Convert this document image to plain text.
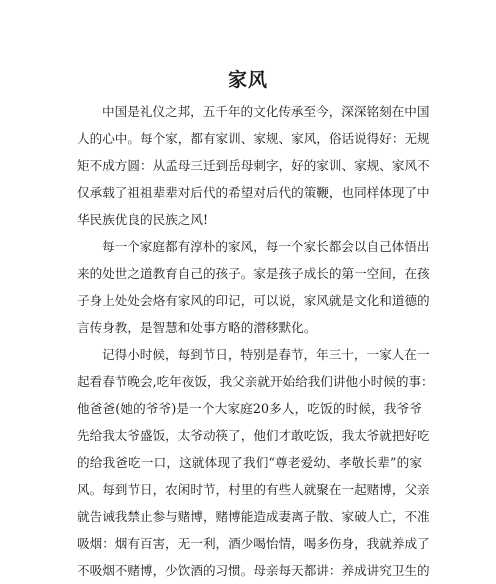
家风
中国是礼仪之邦，五千年的文化传承至今，深深铭刻在中国
人的心中。每个家，都有家训、家规、家风，俗话说得好：无规
矩不成方圆：从孟母三迁到岳母刺字，好的家训、家规、家风不
仅承载了祖祖辈辈对后代的希望对后代的策鞭，也同样体现了中
华民族优良的民族之风!
每一个家庭都有淳朴的家风，每一个家长都会以自己体悟出
来的处世之道教育自己的孩子。家是孩子成长的第一空间，在孩
子身上处处会烙有家风的印记，可以说，家风就是文化和道德的
言传身教，是智慧和处事方略的潜移默化。
记得小时候，每到节日，特别是春节，年三十，一家人在一
起看春节晚会,吃年夜饭，我父亲就开始给我们讲他小时候的事：
他爸爸(她的爷爷)是一个大家庭20多人，吃饭的时候，我爷爷
先给我太爷盛饭，太爷动筷了，他们才敢吃饭，我太爷就把好吃
的给我爸吃一口，这就体现了我们“尊老爱幼、孝敬长辈”的家
风。每到节日，农闲时节，村里的有些人就聚在一起赌博，父亲
就告诫我禁止参与赌博，赌博能造成妻离子散、家破人亡，不准
吸烟：烟有百害，无一利，酒少喝怡情，喝多伤身，我就养成了
不吸烟不赌博，少饮酒的习惯。母亲每天都讲：养成讲究卫生的
